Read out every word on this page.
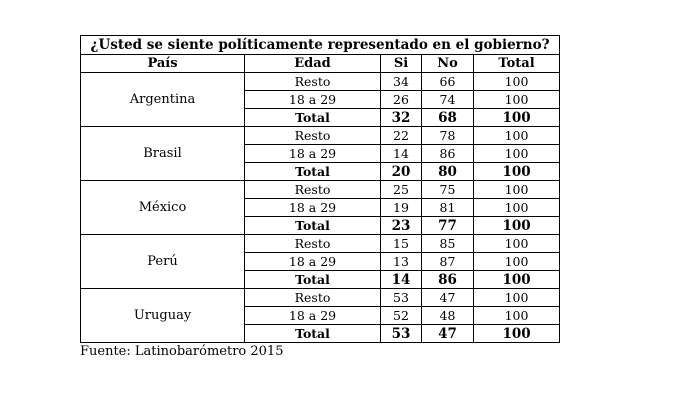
¿Usted se siente políticamente representado en el gobierno?				
País	Edad	Si	No	Total
Argentina	Resto	34	66	100
	18 a 29	26	74	100
	Total	32	68	100
Brasil	Resto	22	78	100
	18 a 29	14	86	100
	Total	20	80	100
México	Resto	25	75	100
	18 a 29	19	81	100
	Total	23	77	100
Perú	Resto	15	85	100
	18 a 29	13	87	100
	Total	14	86	100
Uruguay	Resto	53	47	100
	18 a 29	52	48	100
	Total	53	47	100
Fuente: Latinobarómetro 2015
